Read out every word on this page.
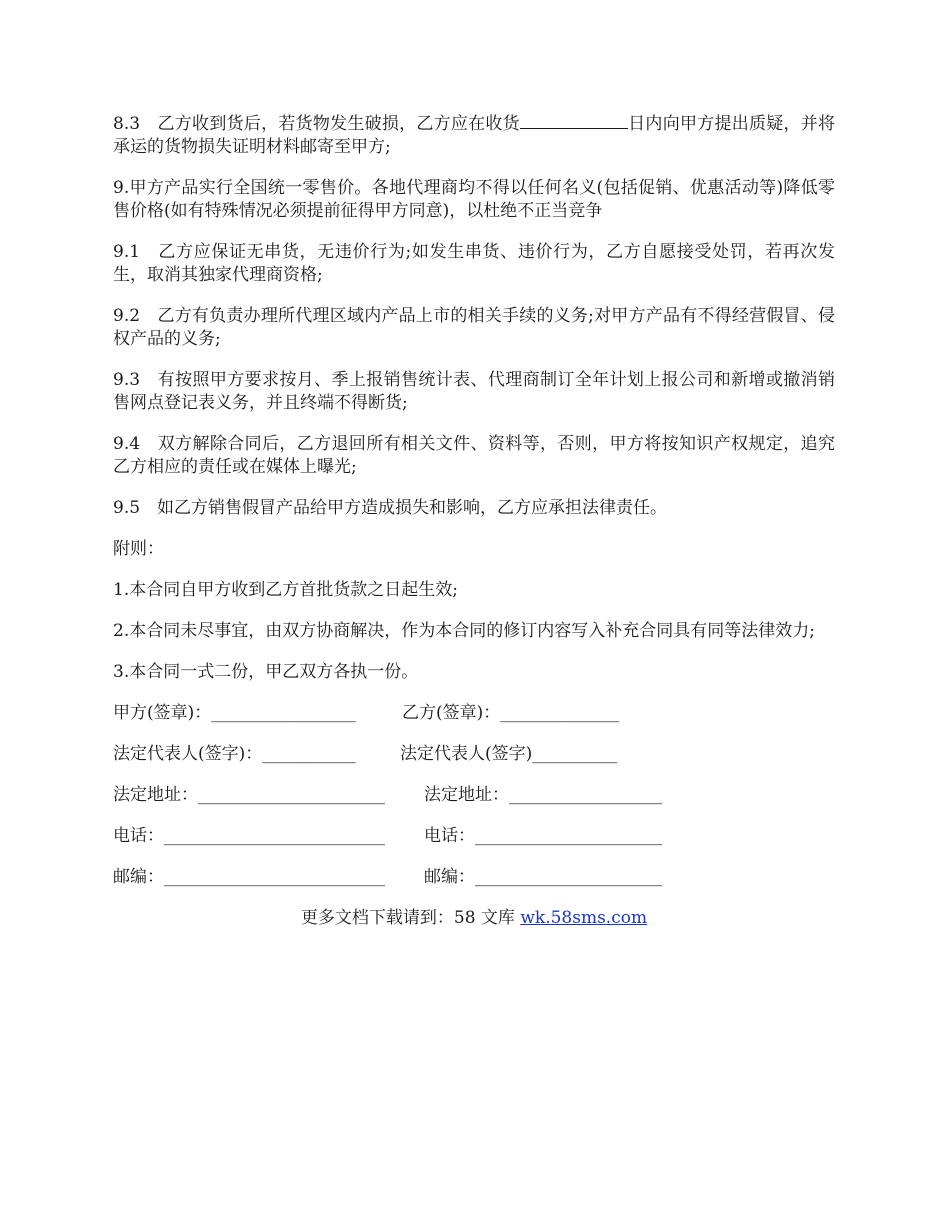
8.3　乙方收到货后，若货物发生破损，乙方应在收货	日内向甲方提出质疑，并将承运的货物损失证明材料邮寄至甲方;

9.甲方产品实行全国统一零售价。各地代理商均不得以任何名义(包括促销、优惠活动等)降低零售价格(如有特殊情况必须提前征得甲方同意)，以杜绝不正当竞争

9.1　乙方应保证无串货，无违价行为;如发生串货、违价行为，乙方自愿接受处罚，若再次发生，取消其独家代理商资格;

9.2　乙方有负责办理所代理区域内产品上市的相关手续的义务;对甲方产品有不得经营假冒、侵权产品的义务;

9.3　有按照甲方要求按月、季上报销售统计表、代理商制订全年计划上报公司和新增或撤消销售网点登记表义务，并且终端不得断货;

9.4　双方解除合同后，乙方退回所有相关文件、资料等，否则，甲方将按知识产权规定，追究乙方相应的责任或在媒体上曝光;

9.5　如乙方销售假冒产品给甲方造成损失和影响，乙方应承担法律责任。

附则：

1.本合同自甲方收到乙方首批货款之日起生效;

2.本合同未尽事宜，由双方协商解决，作为本合同的修订内容写入补充合同具有同等法律效力;

3.本合同一式二份，甲乙双方各执一份。

甲方(签章)：_________________	乙方(签章)：______________
法定代表人(签字)：___________	法定代表人(签字)__________
法定地址：______________________ 法定地址：__________________
电话：__________________________ 电话：______________________
邮编：__________________________ 邮编：______________________
更多文档下载请到：58 文库 wk.58sms.com
